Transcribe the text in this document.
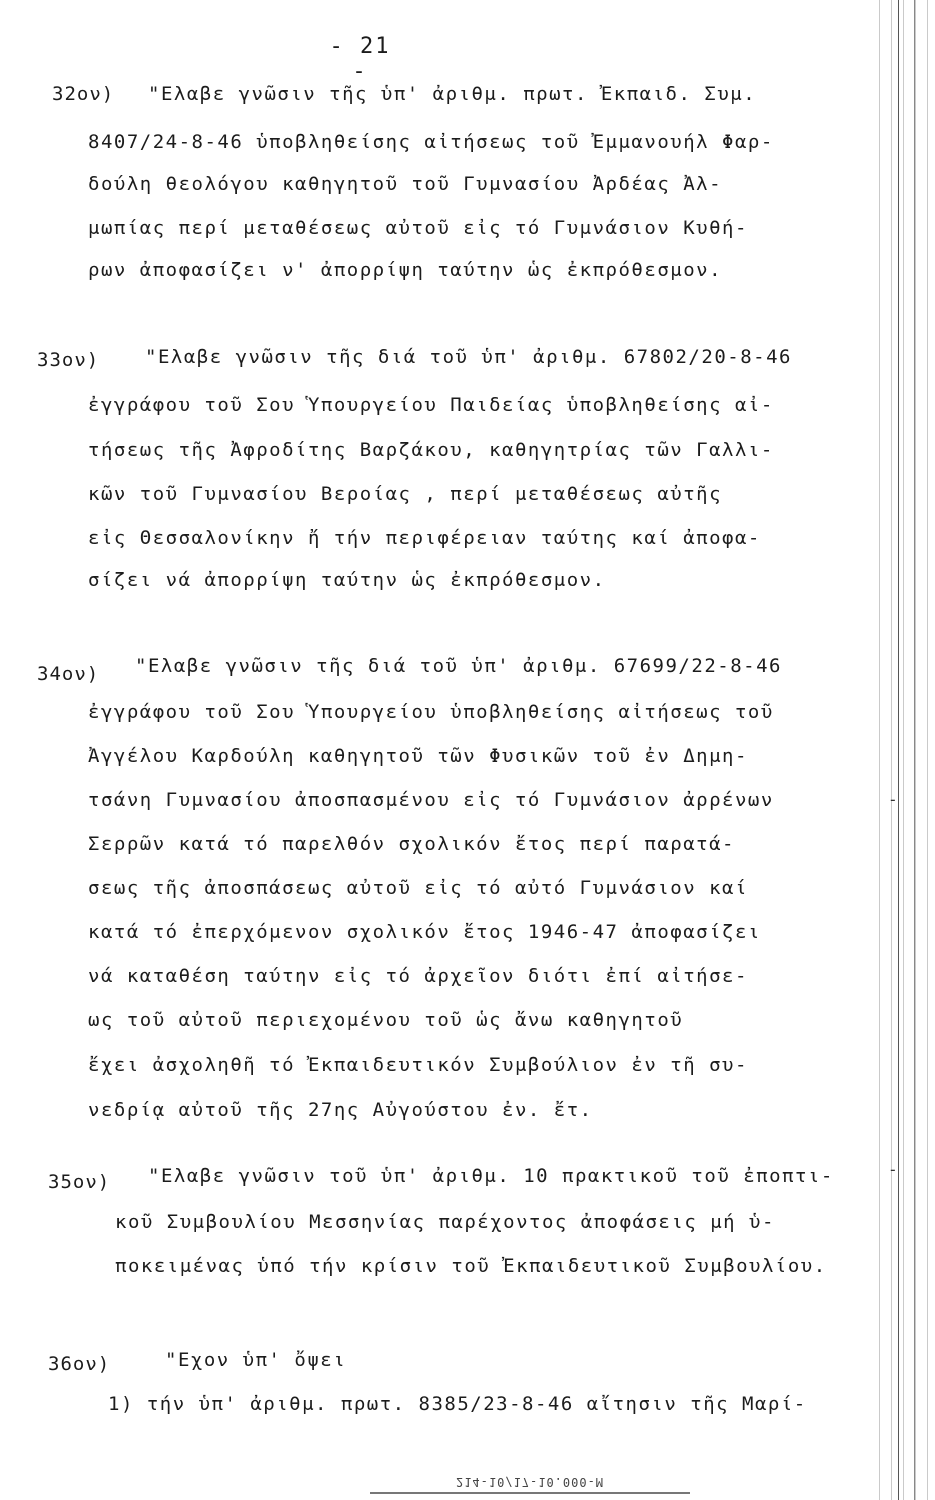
- 21 -
32ον) "Ελαβε γνῶσιν τῆς ὑπ' ἀριθμ. πρωτ. Ἐκπαιδ. Συμ.
8407/24-8-46 ὑποβληθείσης αἰτήσεως τοῦ Ἐμμανουήλ Φαρ-
δούλη θεολόγου καθηγητοῦ τοῦ Γυμνασίου Ἀρδέας Ἀλ-
μωπίας περί μεταθέσεως αὐτοῦ εἰς τό Γυμνάσιον Κυθή-
ρων ἀποφασίζει ν' ἀπορρίψη ταύτην ὡς ἐκπρόθεσμον.
33ον) "Ελαβε γνῶσιν τῆς διά τοῦ ὑπ' ἀριθμ. 67802/20-8-46
ἐγγράφου τοῦ Σου Ὑπουργείου Παιδείας ὑποβληθείσης αἰ-
τήσεως τῆς Ἀφροδίτης Βαρζάκου, καθηγητρίας τῶν Γαλλι-
κῶν τοῦ Γυμνασίου Βεροίας , περί μεταθέσεως αὐτῆς
εἰς Θεσσαλονίκην ἤ τήν περιφέρειαν ταύτης καί ἀποφα-
σίζει νά ἀπορρίψη ταύτην ὡς ἐκπρόθεσμον.
34ον) "Ελαβε γνῶσιν τῆς διά τοῦ ὑπ' ἀριθμ. 67699/22-8-46
ἐγγράφου τοῦ Σου Ὑπουργείου ὑποβληθείσης αἰτήσεως τοῦ
Ἀγγέλου Καρδούλη καθηγητοῦ τῶν Φυσικῶν τοῦ ἐν Δημη-
τσάνη Γυμνασίου ἀποσπασμένου εἰς τό Γυμνάσιον ἀρρένων
Σερρῶν κατά τό παρελθόν σχολικόν ἔτος περί παρατά-
σεως τῆς ἀποσπάσεως αὐτοῦ εἰς τό αὐτό Γυμνάσιον καί
κατά τό ἐπερχόμενον σχολικόν ἔτος 1946-47 ἀποφασίζει
νά καταθέση ταύτην εἰς τό ἀρχεῖον διότι ἐπί αἰτήσε-
ως τοῦ αὐτοῦ περιεχομένου τοῦ ὡς ἄνω καθηγητοῦ
ἔχει ἀσχοληθῆ τό Ἐκπαιδευτικόν Συμβούλιον ἐν τῆ συ-
νεδρίᾳ αὐτοῦ τῆς 27ης Αὐγούστου ἐν. ἔτ.
35ον) "Ελαβε γνῶσιν τοῦ ὑπ' ἀριθμ. 10 πρακτικοῦ τοῦ ἐποπτι-
κοῦ Συμβουλίου Μεσσηνίας παρέχοντος ἀποφάσεις μή ὑ-
ποκειμένας ὑπό τήν κρίσιν τοῦ Ἐκπαιδευτικοῦ Συμβουλίου.
36ον)	"Εχον ὑπ' ὄψει
1) τήν ὑπ' ἀριθμ. πρωτ. 8385/23-8-46 αἴτησιν τῆς Μαρί-
-
-
214-10/17-10.000-M
